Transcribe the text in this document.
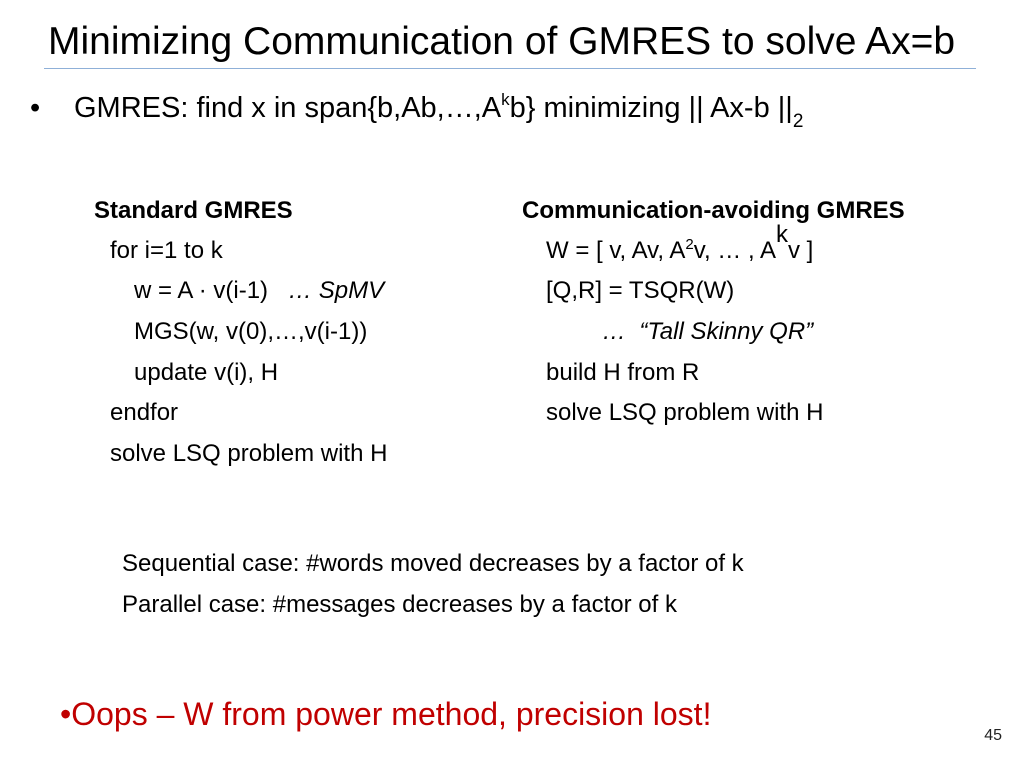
Minimizing Communication of GMRES to solve Ax=b
• GMRES: find x in $span\{b,Ab,\dots,A^kb\}$ minimizing || Ax-b $||_2$
Standard GMRES
for i=1 to k
w = A · v(i-1) … SpMV
MGS(w, v(0),…,v(i-1))
update v(i), H
endfor
solve LSQ problem with H
Communication-avoiding GMRES
W = [ v, Av, $A^2v$, … , Akv ]
[Q,R] = TSQR(W)
… “Tall Skinny QR”
build H from R
solve LSQ problem with H
Sequential case: #words moved decreases by a factor of k
Parallel case: #messages decreases by a factor of k
•Oops – W from power method, precision lost!
45
